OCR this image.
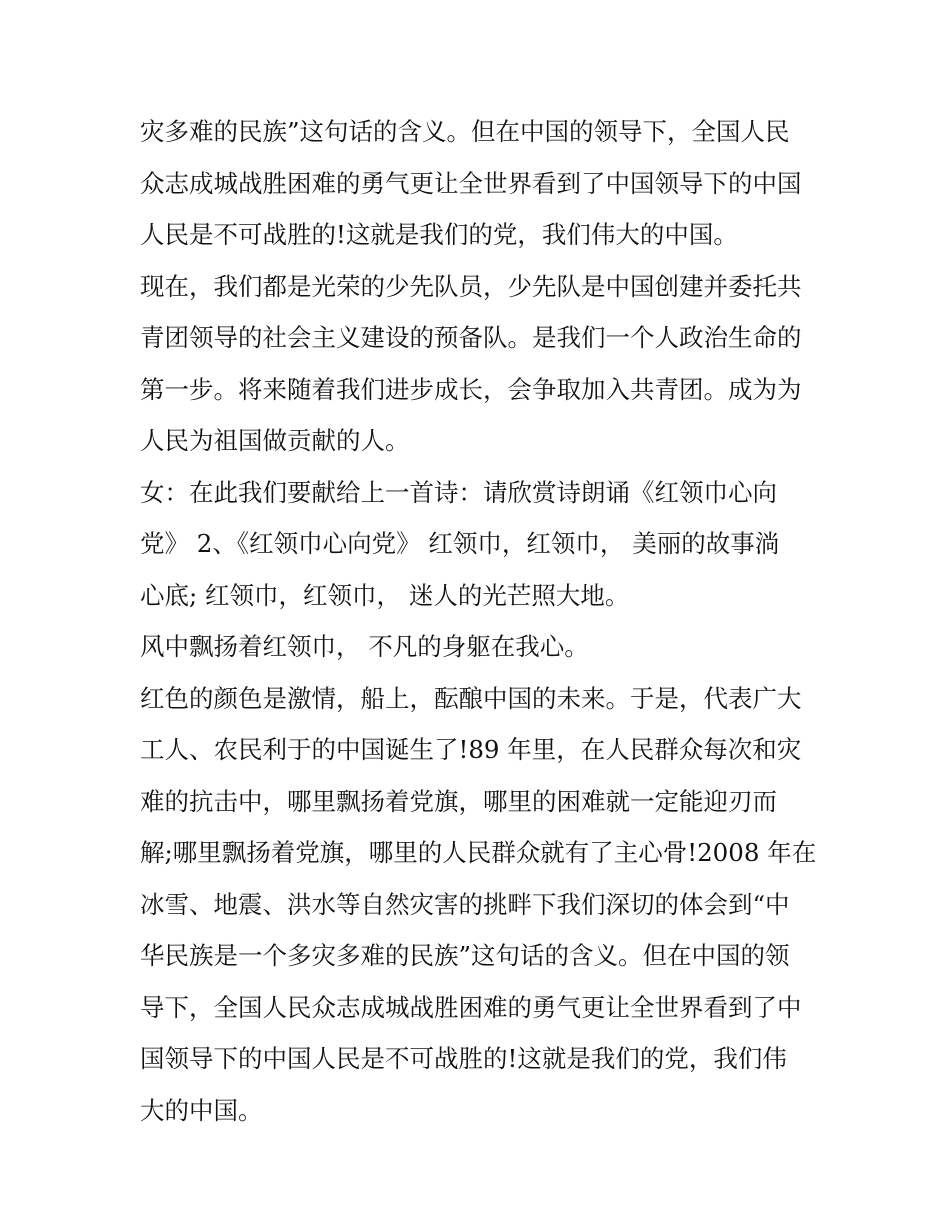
灾多难的民族”这句话的含义。但在中国的领导下，全国人民
众志成城战胜困难的勇气更让全世界看到了中国领导下的中国
人民是不可战胜的!这就是我们的党，我们伟大的中国。
现在，我们都是光荣的少先队员，少先队是中国创建并委托共
青团领导的社会主义建设的预备队。是我们一个人政治生命的
第一步。将来随着我们进步成长，会争取加入共青团。成为为
人民为祖国做贡献的人。
女：在此我们要献给上一首诗：请欣赏诗朗诵《红领巾心向
党》 2、《红领巾心向党》 红领巾，红领巾， 美丽的故事淌
心底; 红领巾，红领巾， 迷人的光芒照大地。
风中飘扬着红领巾， 不凡的身躯在我心。
红色的颜色是激情，船上，酝酿中国的未来。于是，代表广大
工人、农民利于的中国诞生了!89 年里，在人民群众每次和灾
难的抗击中，哪里飘扬着党旗，哪里的困难就一定能迎刃而
解;哪里飘扬着党旗，哪里的人民群众就有了主心骨!2008 年在
冰雪、地震、洪水等自然灾害的挑畔下我们深切的体会到“中
华民族是一个多灾多难的民族”这句话的含义。但在中国的领
导下，全国人民众志成城战胜困难的勇气更让全世界看到了中
国领导下的中国人民是不可战胜的!这就是我们的党，我们伟
大的中国。
